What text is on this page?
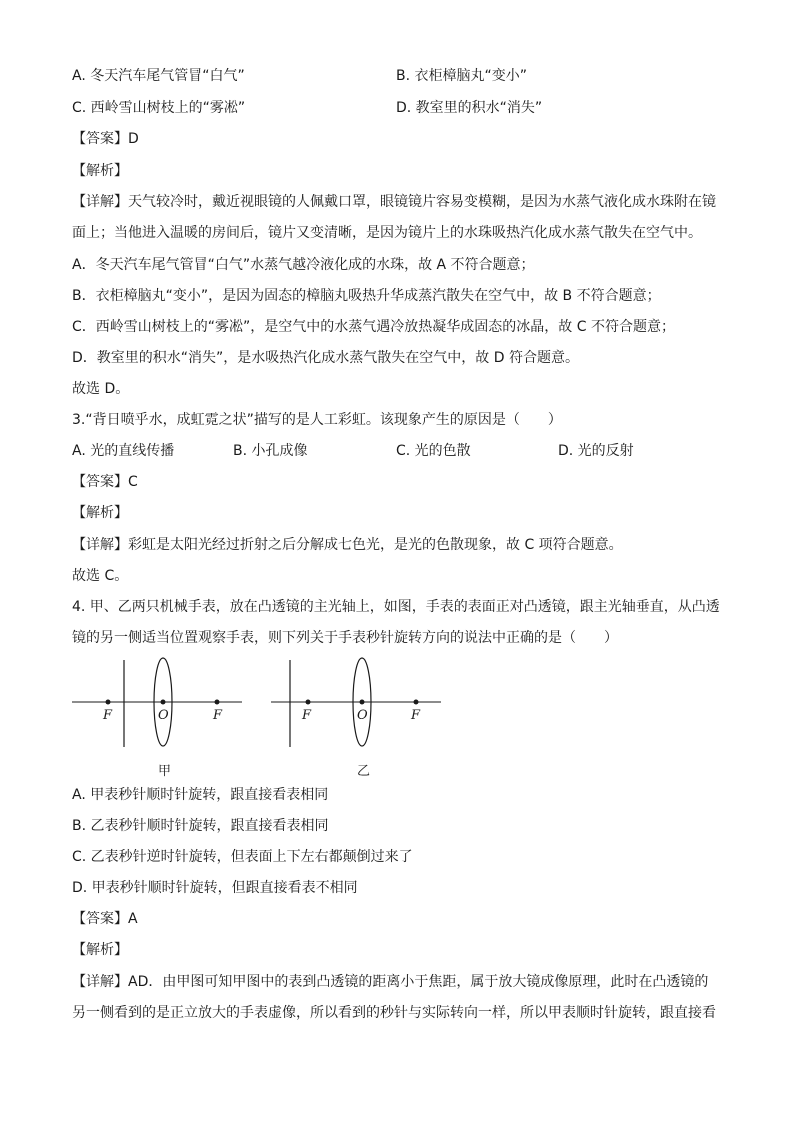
A. 冬天汽车尾气管冒“白气”	B. 衣柜樟脑丸“变小”
C. 西岭雪山树枝上的“雾凇”	D. 教室里的积水“消失”
【答案】D
【解析】
【详解】天气较冷时，戴近视眼镜的人佩戴口罩，眼镜镜片容易变模糊，是因为水蒸气液化成水珠附在镜
面上；当他进入温暖的房间后，镜片又变清晰，是因为镜片上的水珠吸热汽化成水蒸气散失在空气中。
A．冬天汽车尾气管冒“白气”水蒸气越冷液化成的水珠，故 A 不符合题意；
B．衣柜樟脑丸“变小”，是因为固态的樟脑丸吸热升华成蒸汽散失在空气中，故 B 不符合题意；
C．西岭雪山树枝上的“雾凇”，是空气中的水蒸气遇冷放热凝华成固态的冰晶，故 C 不符合题意；
D．教室里的积水“消失”，是水吸热汽化成水蒸气散失在空气中，故 D 符合题意。
故选 D。
3.“背日喷乎水，成虹霓之状”描写的是人工彩虹。该现象产生的原因是（　　）
A. 光的直线传播	B. 小孔成像	C. 光的色散	D. 光的反射
【答案】C
【解析】
【详解】彩虹是太阳光经过折射之后分解成七色光，是光的色散现象，故 C 项符合题意。
故选 C。
4. 甲、乙两只机械手表，放在凸透镜的主光轴上，如图，手表的表面正对凸透镜，跟主光轴垂直，从凸透
镜的另一侧适当位置观察手表，则下列关于手表秒针旋转方向的说法中正确的是（　　）
F	O	F
甲
F	O	F
乙
A. 甲表秒针顺时针旋转，跟直接看表相同
B. 乙表秒针顺时针旋转，跟直接看表相同
C. 乙表秒针逆时针旋转，但表面上下左右都颠倒过来了
D. 甲表秒针顺时针旋转，但跟直接看表不相同
【答案】A
【解析】
【详解】AD．由甲图可知甲图中的表到凸透镜的距离小于焦距，属于放大镜成像原理，此时在凸透镜的
另一侧看到的是正立放大的手表虚像，所以看到的秒针与实际转向一样，所以甲表顺时针旋转，跟直接看
